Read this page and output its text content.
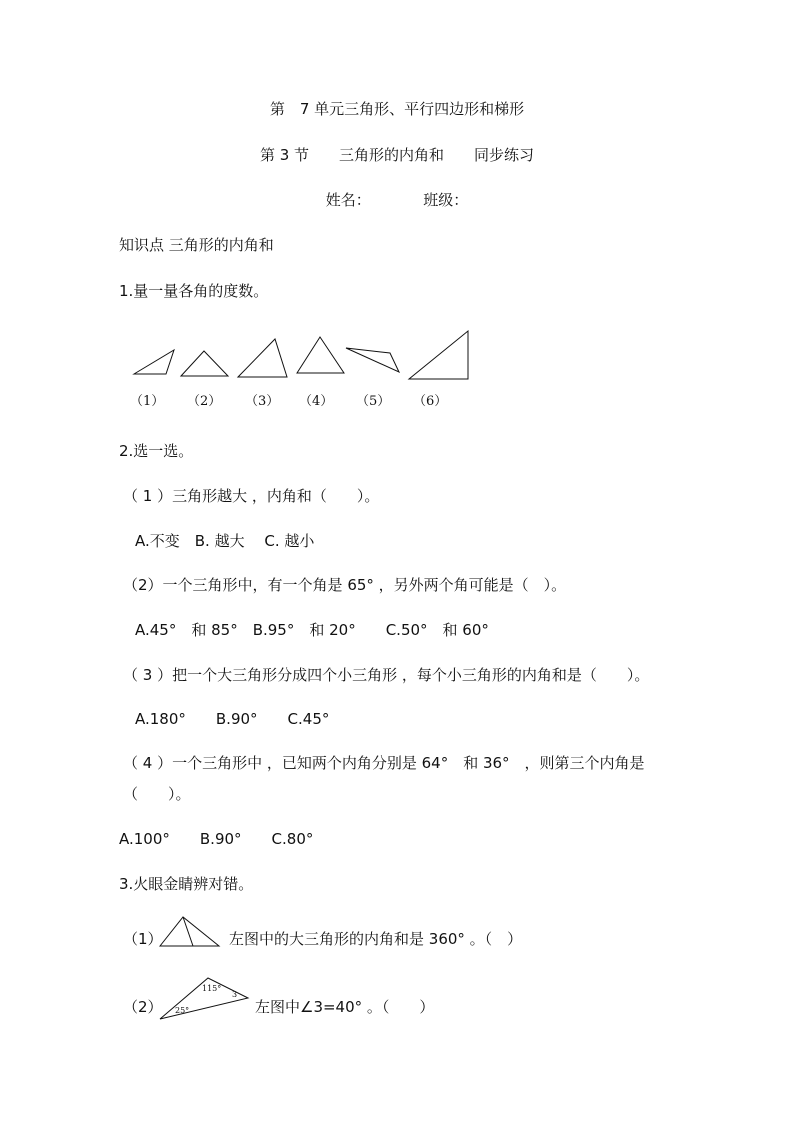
第　7 单元三角形、平行四边形和梯形
第 3 节　　三角形的内角和　　同步练习
姓名：　　　　班级：
知识点 三角形的内角和
1.量一量各角的度数。
（1） （2） （3） （4） （5） （6）
2.选一选。
（ 1 ）三角形越大 ，内角和（　　）。
A.不变　B. 越大　 C. 越小
（2）一个三角形中，有一个角是 65° ，另外两个角可能是（　）。
A.45°　和 85°　B.95°　和 20°　　C.50°　和 60°
（ 3 ）把一个大三角形分成四个小三角形 ，每个小三角形的内角和是（　　）。
A.180°　　B.90°　　C.45°
（ 4 ）一个三角形中 ，已知两个内角分别是 64°　和 36°　，则第三个内角是
（　　）。
A.100°　　B.90°　　C.80°
3.火眼金睛辨对错。
（1）	左图中的大三角形的内角和是 360° 。（　）
（2）
115°
3
25°	左图中∠3=40° 。（　　）
